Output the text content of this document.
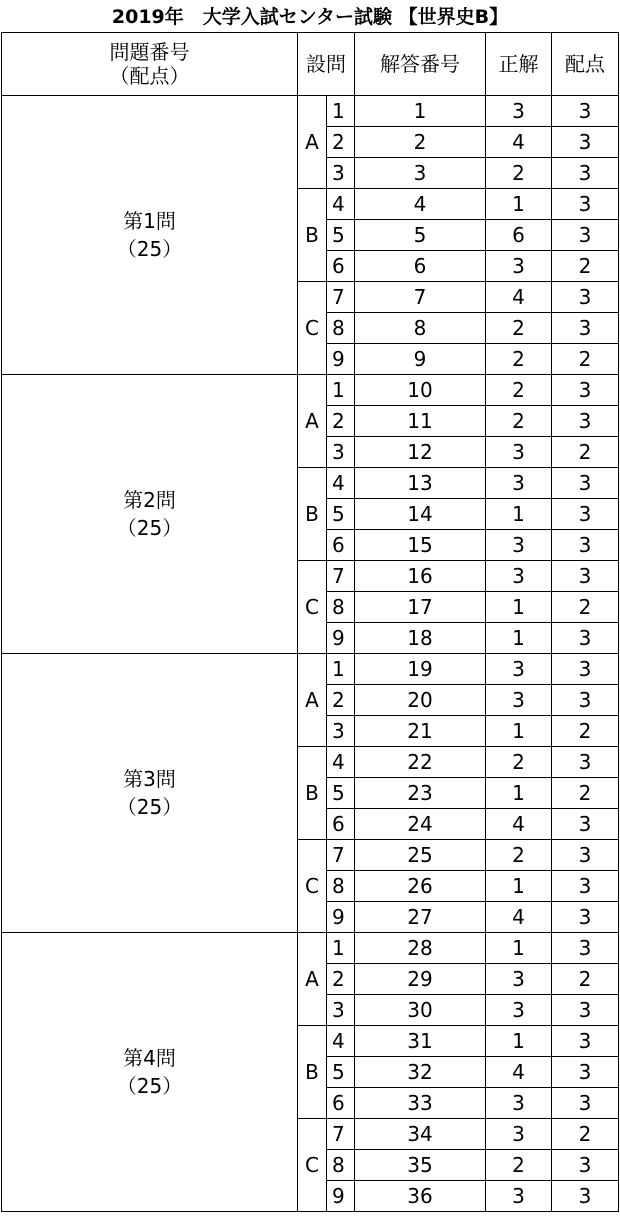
2019年　大学入試センター試験 【世界史B】
問題番号
（配点）	設問		解答番号	正解	配点

第1問
（25）	A	1	1	3	3
		2	2	4	3
		3	3	2	3
	B	4	4	1	3
		5	5	6	3
		6	6	3	2
	C	7	7	4	3
		8	8	2	3
		9	9	2	2

第2問
（25）	A	1	10	2	3
		2	11	2	3
		3	12	3	2
	B	4	13	3	3
		5	14	1	3
		6	15	3	3
	C	7	16	3	3
		8	17	1	2
		9	18	1	3

第3問
（25）	A	1	19	3	3
		2	20	3	3
		3	21	1	2
	B	4	22	2	3
		5	23	1	2
		6	24	4	3
	C	7	25	2	3
		8	26	1	3
		9	27	4	3

第4問
（25）	A	1	28	1	3
		2	29	3	2
		3	30	3	3
	B	4	31	1	3
		5	32	4	3
		6	33	3	3
	C	7	34	3	2
		8	35	2	3
		9	36	3	3
